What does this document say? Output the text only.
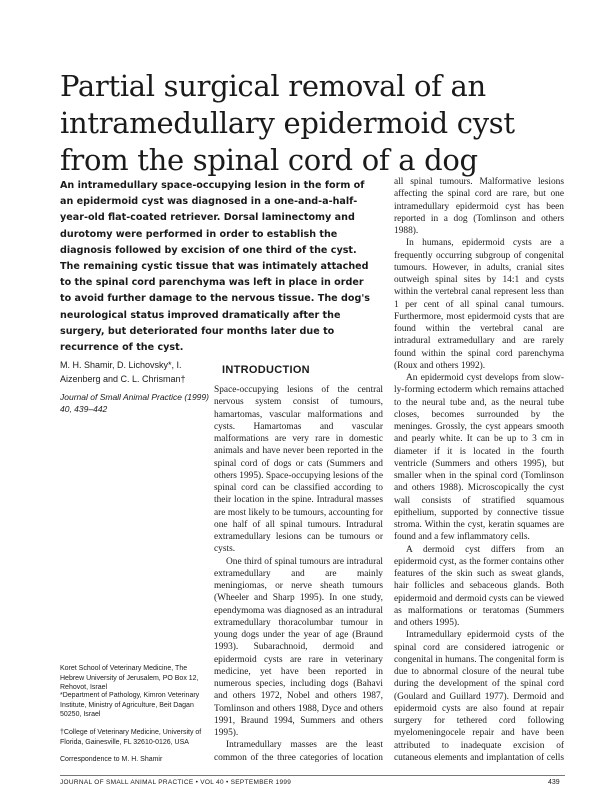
Partial surgical removal of an
intramedullary epidermoid cyst
from the spinal cord of a dog

An intramedullary space-occupying lesion in the form of an epidermoid cyst was diagnosed in a one-and-a-half-year-old flat-coated retriever. Dorsal laminectomy and durotomy were performed in order to establish the diagnosis followed by excision of one third of the cyst. The remaining cystic tissue that was intimately attached to the spinal cord parenchyma was left in place in order to avoid further damage to the nervous tissue. The dog's neurological status improved dramatically after the surgery, but deteriorated four months later due to recurrence of the cyst.

M. H. Shamir, D. Lichovsky*, I. Aizenberg and C. L. Chrisman†

Journal of Small Animal Practice (1999) 40, 439–442

Koret School of Veterinary Medicine, The Hebrew University of Jerusalem, PO Box 12, Rehovot, Israel

*Department of Pathology, Kimron Veterinary Institute, Ministry of Agriculture, Beit Dagan 50250, Israel

†College of Veterinary Medicine, University of Florida, Gainesville, FL 32610-0126, USA

Correspondence to M. H. Shamir

INTRODUCTION

Space-occupying lesions of the central nervous system consist of tumours, hamartomas, vascular malformations and cysts. Hamartomas and vascular malformations are very rare in domestic animals and have never been reported in the spinal cord of dogs or cats (Summers and others 1995). Space-occupying lesions of the spinal cord can be classified according to their location in the spine. Intradural masses are most likely to be tumours, accounting for one half of all spinal tumours. Intradural extramedullary lesions can be tumours or cysts.

One third of spinal tumours are intradural extramedullary and are mainly meningiomas, or nerve sheath tumours (Wheeler and Sharp 1995). In one study, ependymoma was diagnosed as an intradural extramedullary thoracolumbar tumour in young dogs under the year of age (Braund 1993). Subarachnoid, dermoid and epidermoid cysts are rare in veterinary medicine, yet have been reported in numerous species, including dogs (Bahavi and others 1972, Nobel and others 1987, Tomlinson and others 1988, Dyce and others 1991, Braund 1994, Summers and others 1995).

Intramedullary masses are the least common of the three categories of location

all spinal tumours. Malformative lesions affecting the spinal cord are rare, but one intramedullary epidermoid cyst has been reported in a dog (Tomlinson and others 1988).

In humans, epidermoid cysts are a frequently occurring subgroup of congenital tumours. However, in adults, cranial sites outweigh spinal sites by 14:1 and cysts within the vertebral canal represent less than 1 per cent of all spinal canal tumours. Furthermore, most epidermoid cysts that are found within the vertebral canal are intradural extramedullary and are rarely found within the spinal cord parenchyma (Roux and others 1992).

An epidermoid cyst develops from slow-ly-forming ectoderm which remains attached to the neural tube and, as the neural tube closes, becomes surrounded by the meninges. Grossly, the cyst appears smooth and pearly white. It can be up to 3 cm in diameter if it is located in the fourth ventricle (Summers and others 1995), but smaller when in the spinal cord (Tomlinson and others 1988). Microscopically the cyst wall consists of stratified squamous epithelium, supported by connective tissue stroma. Within the cyst, keratin squames are found and a few inflammatory cells.

A dermoid cyst differs from an epidermoid cyst, as the former contains other features of the skin such as sweat glands, hair follicles and sebaceous glands. Both epidermoid and dermoid cysts can be viewed as malformations or teratomas (Summers and others 1995).

Intramedullary epidermoid cysts of the spinal cord are considered iatrogenic or congenital in humans. The congenital form is due to abnormal closure of the neural tube during the development of the spinal cord (Goulard and Guillard 1977). Dermoid and epidermoid cysts are also found at repair surgery for tethered cord following myelomeningocele repair and have been attributed to inadequate excision of cutaneous elements and implantation of cells

JOURNAL OF SMALL ANIMAL PRACTICE • VOL 40 • SEPTEMBER 1999	439
